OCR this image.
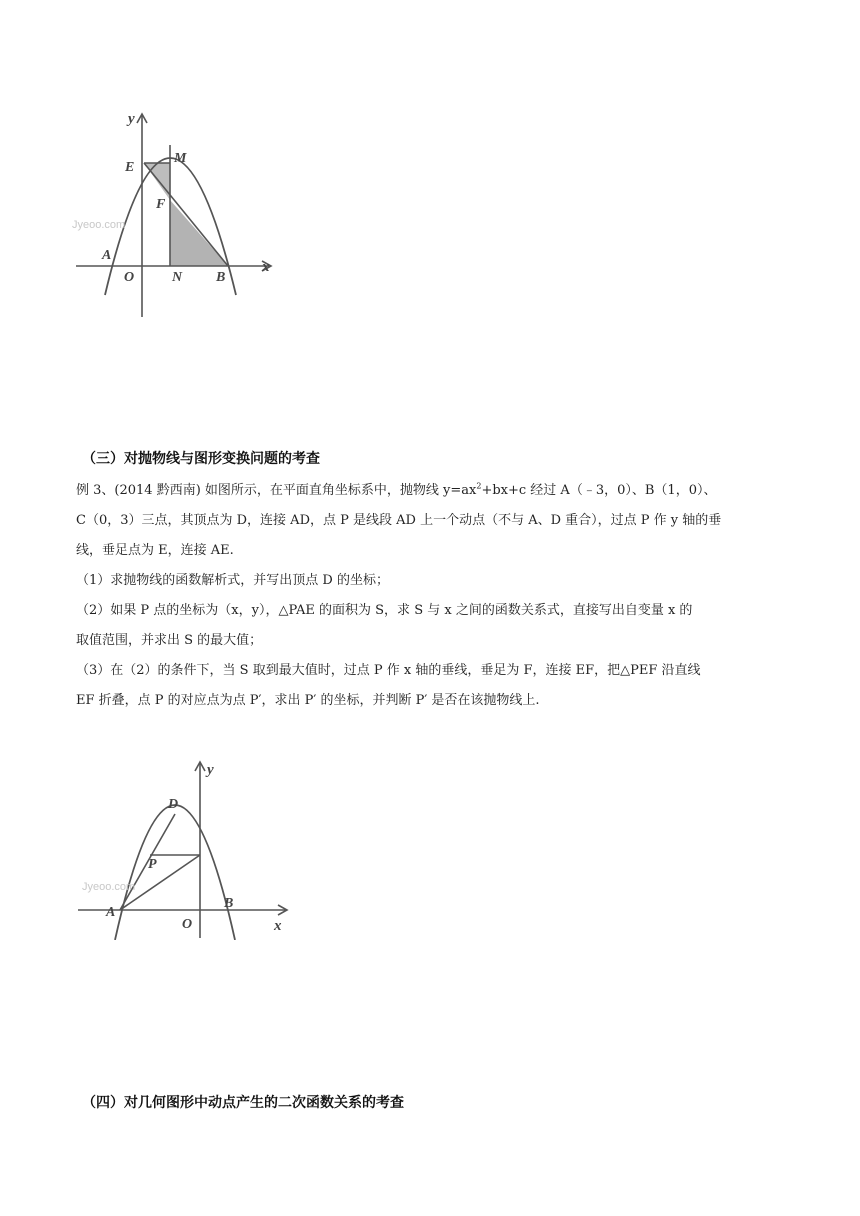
y
x
E
M
F
A
O	N B
Jyeoo.com
（三）对抛物线与图形变换问题的考查

例 3、(2014 黔西南) 如图所示，在平面直角坐标系中，抛物线 $y=ax^2+bx+c$ 经过 A（﹣3，0）、B（1，0）、

C（0，3）三点，其顶点为 D，连接 AD，点 P 是线段 AD 上一个动点（不与 A、D 重合），过点 P 作 y 轴的垂

线，垂足点为 E，连接 AE.

（1）求抛物线的函数解析式，并写出顶点 D 的坐标；

（2）如果 P 点的坐标为（x，y），△PAE 的面积为 S，求 S 与 x 之间的函数关系式，直接写出自变量 x 的

取值范围，并求出 S 的最大值；

（3）在（2）的条件下，当 S 取到最大值时，过点 P 作 x 轴的垂线，垂足为 F，连接 EF，把△PEF 沿直线

EF 折叠，点 P 的对应点为点 P′，求出 P′ 的坐标，并判断 P′ 是否在该抛物线上.

y
x
D
P
A
O
B
Jyeoo.com
（四）对几何图形中动点产生的二次函数关系的考查
